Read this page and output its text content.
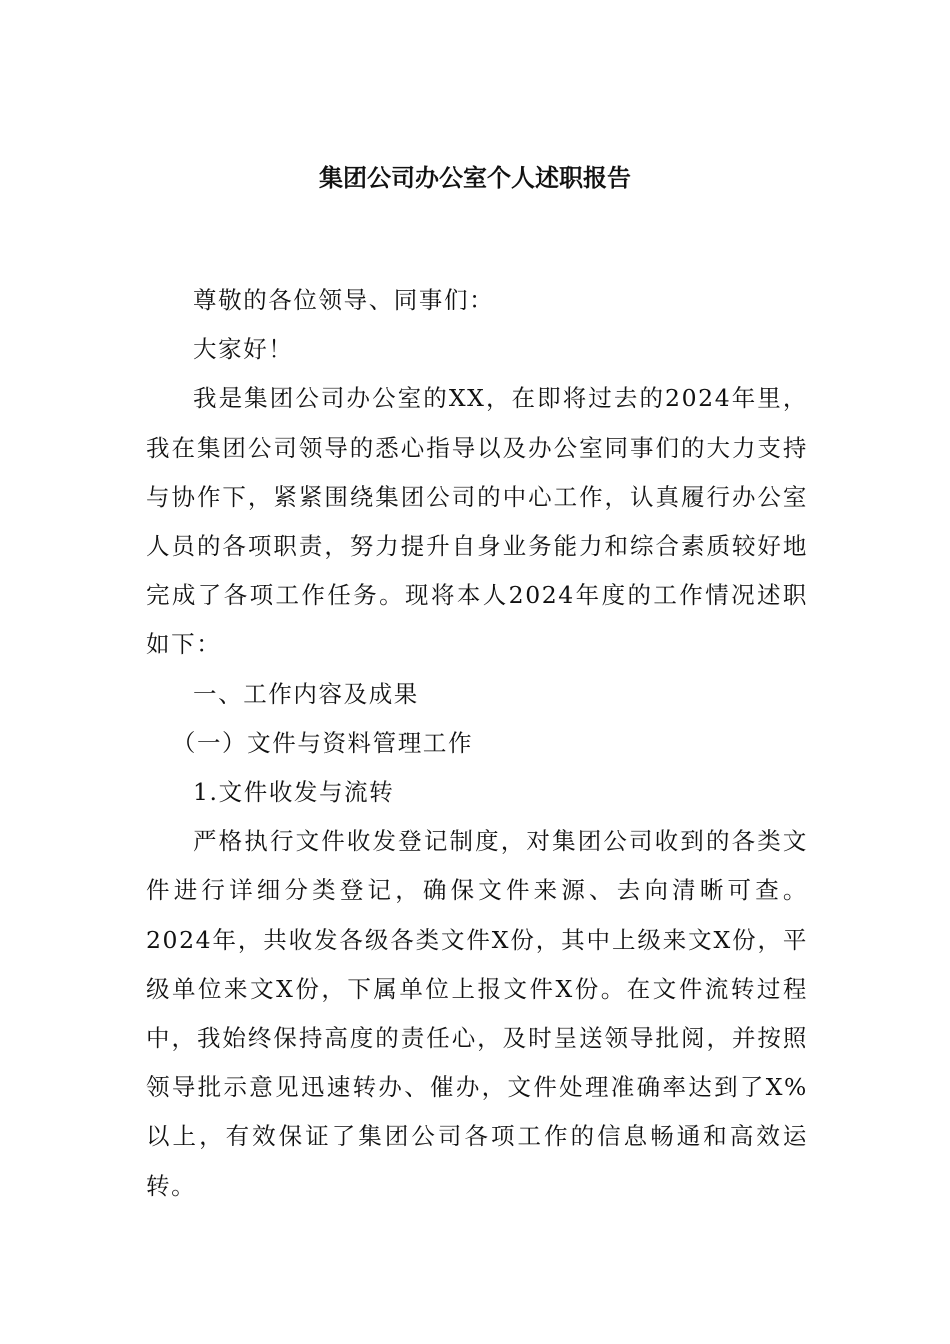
集团公司办公室个人述职报告

尊敬的各位领导、同事们：

大家好！

我是集团公司办公室的XX，在即将过去的2024年里，我在集团公司领导的悉心指导以及办公室同事们的大力支持与协作下，紧紧围绕集团公司的中心工作，认真履行办公室人员的各项职责，努力提升自身业务能力和综合素质较好地完成了各项工作任务。现将本人2024年度的工作情况述职如下：

一、工作内容及成果

（一）文件与资料管理工作

1.文件收发与流转

严格执行文件收发登记制度，对集团公司收到的各类文件进行详细分类登记，确保文件来源、去向清晰可查。2024年，共收发各级各类文件X份，其中上级来文X份，平级单位来文X份，下属单位上报文件X份。在文件流转过程中，我始终保持高度的责任心，及时呈送领导批阅，并按照领导批示意见迅速转办、催办，文件处理准确率达到了X%以上，有效保证了集团公司各项工作的信息畅通和高效运转。
